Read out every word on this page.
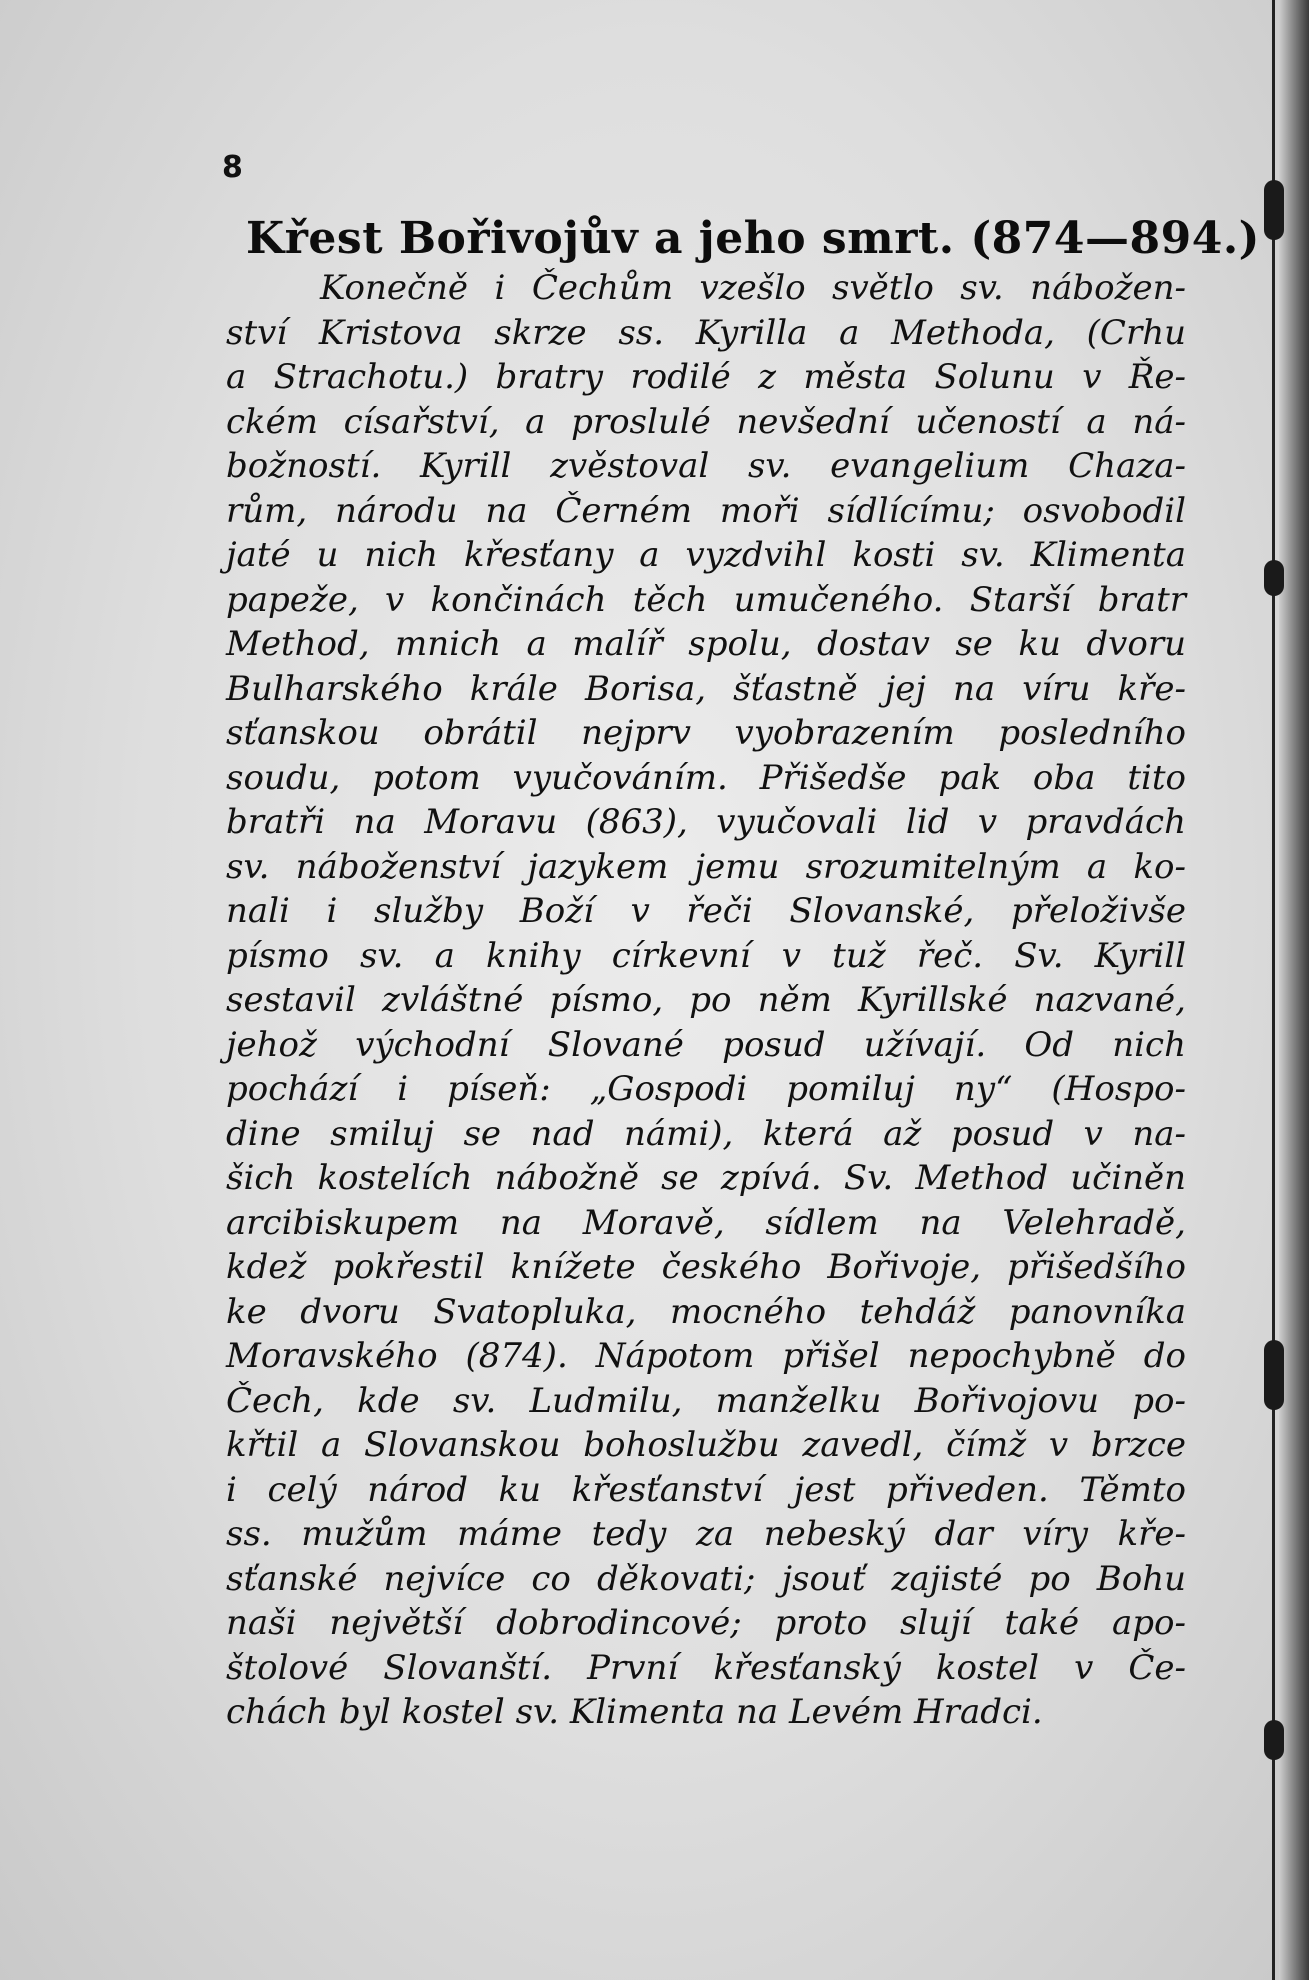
8
Křest Bořivojův a jeho smrt. (874—894.)
Konečně i Čechům vzešlo světlo sv. nábožen-
ství Kristova skrze ss. Kyrilla a Methoda, (Crhu
a Strachotu.) bratry rodilé z města Solunu v Ře-
ckém císařství, a proslulé nevšední učeností a ná-
božností. Kyrill zvěstoval sv. evangelium Chaza-
rům, národu na Černém moři sídlícímu; osvobodil
jaté u nich křesťany a vyzdvihl kosti sv. Klimenta
papeže, v končinách těch umučeného. Starší bratr
Method, mnich a malíř spolu, dostav se ku dvoru
Bulharského krále Borisa, šťastně jej na víru kře-
sťanskou obrátil nejprv vyobrazením posledního
soudu, potom vyučováním. Přišedše pak oba tito
bratři na Moravu (863), vyučovali lid v pravdách
sv. náboženství jazykem jemu srozumitelným a ko-
nali i služby Boží v řeči Slovanské, přeloživše
písmo sv. a knihy církevní v tuž řeč. Sv. Kyrill
sestavil zvláštné písmo, po něm Kyrillské nazvané,
jehož východní Slované posud užívají. Od nich
pochází i píseň: „Gospodi pomiluj ny“ (Hospo-
dine smiluj se nad námi), která až posud v na-
šich kostelích nábožně se zpívá. Sv. Method učiněn
arcibiskupem na Moravě, sídlem na Velehradě,
kdež pokřestil knížete českého Bořivoje, přišedšího
ke dvoru Svatopluka, mocného tehdáž panovníka
Moravského (874). Nápotom přišel nepochybně do
Čech, kde sv. Ludmilu, manželku Bořivojovu po-
křtil a Slovanskou bohoslužbu zavedl, čímž v brzce
i celý národ ku křesťanství jest přiveden. Těmto
ss. mužům máme tedy za nebeský dar víry kře-
sťanské nejvíce co děkovati; jsouť zajisté po Bohu
naši největší dobrodincové; proto slují také apo-
štolové Slovanští. První křesťanský kostel v Če-
chách byl kostel sv. Klimenta na Levém Hradci.
